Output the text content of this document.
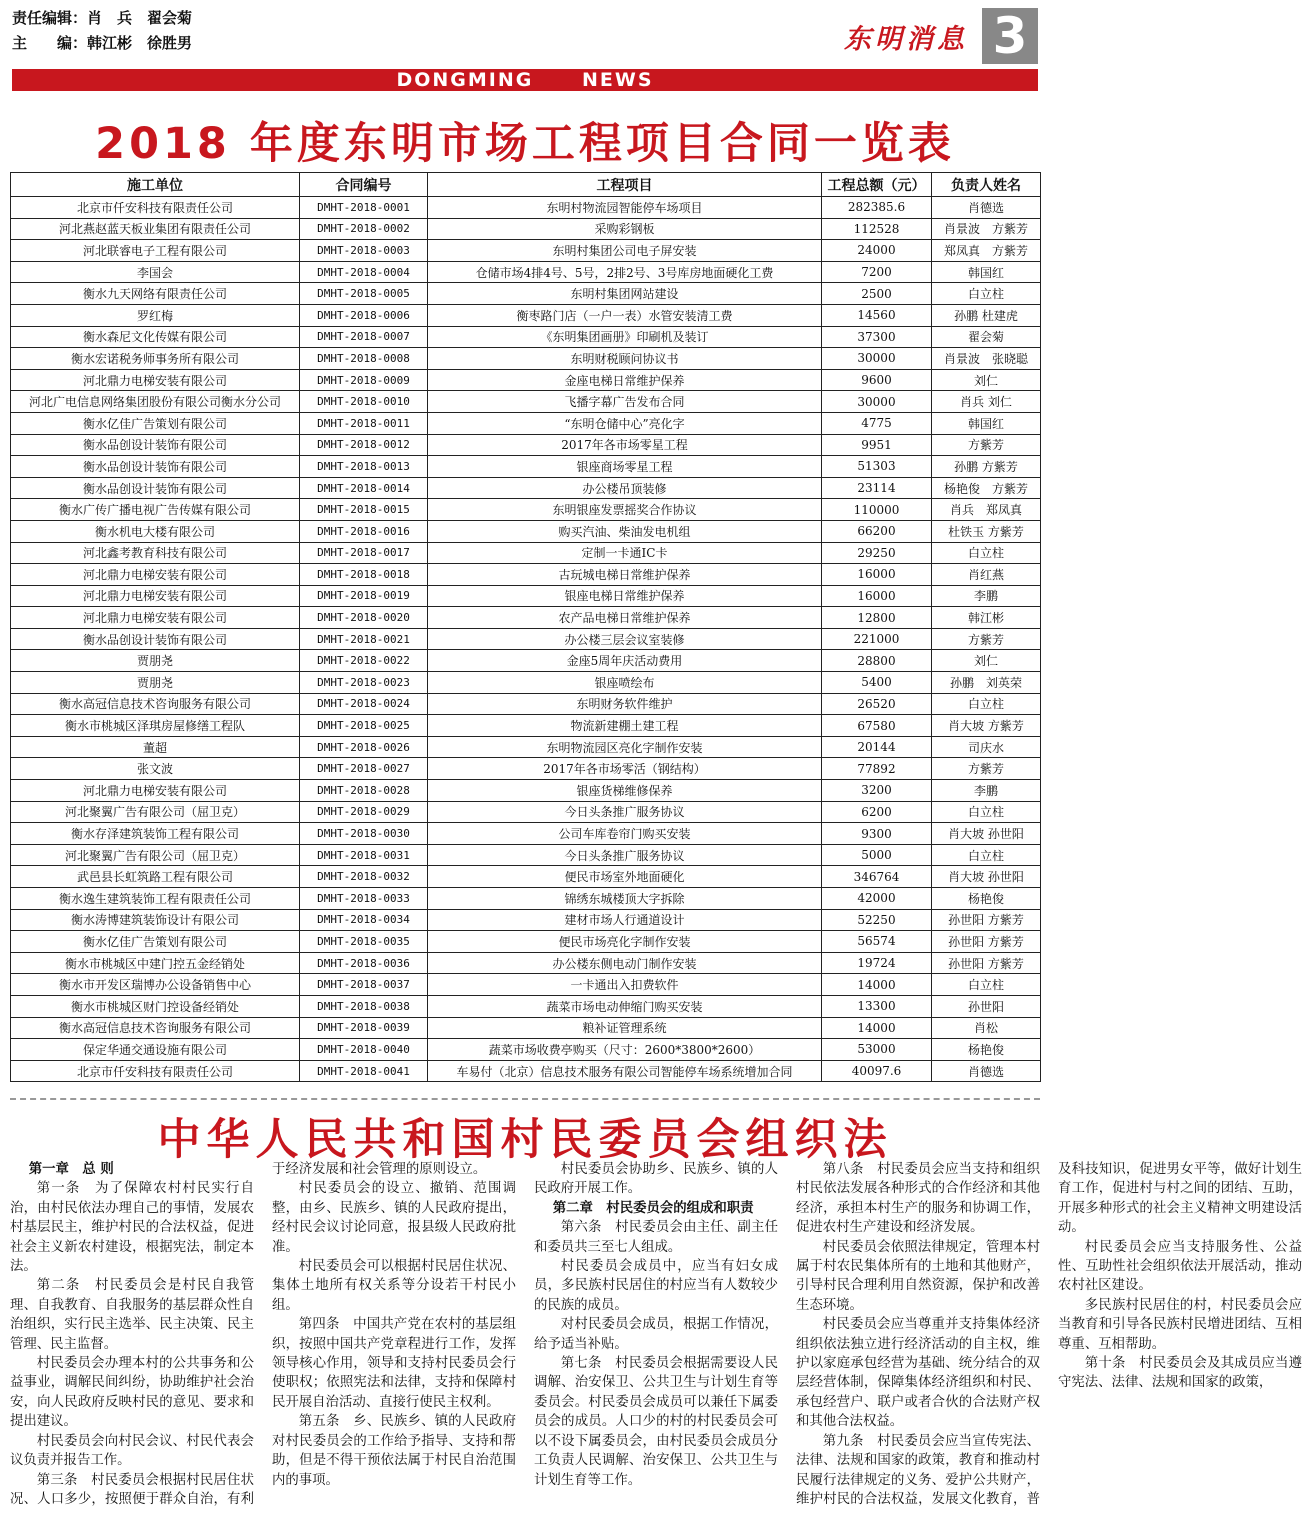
责任编辑：肖　兵　翟会菊
主　　编：韩江彬　徐胜男	东明消息 3
DONGMING NEWS
2018 年度东明市场工程项目合同一览表
施工单位	合同编号	工程项目	工程总额（元）	负责人姓名
北京市仟安科技有限责任公司	DMHT-2018-0001	东明村物流园智能停车场项目	282385.6	肖德选
河北燕赵蓝天板业集团有限责任公司	DMHT-2018-0002	采购彩钢板	112528	肖景波　方紫芳
河北联睿电子工程有限公司	DMHT-2018-0003	东明村集团公司电子屏安装	24000	郑凤真　方紫芳
李国会	DMHT-2018-0004	仓储市场4排4号、5号，2排2号、3号库房地面硬化工费	7200	韩国红
衡水九天网络有限责任公司	DMHT-2018-0005	东明村集团网站建设	2500	白立柱
罗红梅	DMHT-2018-0006	衡枣路门店（一户一表）水管安装清工费	14560	孙鹏 杜建虎
衡水森尼文化传媒有限公司	DMHT-2018-0007	《东明集团画册》印刷机及装订	37300	翟会菊
衡水宏诺税务师事务所有限公司	DMHT-2018-0008	东明财税顾问协议书	30000	肖景波　张晓聪
河北鼎力电梯安装有限公司	DMHT-2018-0009	金座电梯日常维护保养	9600	刘仁
河北广电信息网络集团股份有限公司衡水分公司	DMHT-2018-0010	飞播字幕广告发布合同	30000	肖兵 刘仁
衡水亿佳广告策划有限公司	DMHT-2018-0011	“东明仓储中心”亮化字	4775	韩国红
衡水品创设计装饰有限公司	DMHT-2018-0012	2017年各市场零星工程	9951	方紫芳
衡水品创设计装饰有限公司	DMHT-2018-0013	银座商场零星工程	51303	孙鹏 方紫芳
衡水品创设计装饰有限公司	DMHT-2018-0014	办公楼吊顶装修	23114	杨艳俊　方紫芳
衡水广传广播电视广告传媒有限公司	DMHT-2018-0015	东明银座发票摇奖合作协议	110000	肖兵　郑凤真
衡水机电大楼有限公司	DMHT-2018-0016	购买汽油、柴油发电机组	66200	杜铁玉 方紫芳
河北鑫考教育科技有限公司	DMHT-2018-0017	定制一卡通IC卡	29250	白立柱
河北鼎力电梯安装有限公司	DMHT-2018-0018	古玩城电梯日常维护保养	16000	肖红燕
河北鼎力电梯安装有限公司	DMHT-2018-0019	银座电梯日常维护保养	16000	李鹏
河北鼎力电梯安装有限公司	DMHT-2018-0020	农产品电梯日常维护保养	12800	韩江彬
衡水品创设计装饰有限公司	DMHT-2018-0021	办公楼三层会议室装修	221000	方紫芳
贾朋尧	DMHT-2018-0022	金座5周年庆活动费用	28800	刘仁
贾朋尧	DMHT-2018-0023	银座喷绘布	5400	孙鹏　刘英荣
衡水高冠信息技术咨询服务有限公司	DMHT-2018-0024	东明财务软件维护	26520	白立柱
衡水市桃城区泽琪房屋修缮工程队	DMHT-2018-0025	物流新建棚土建工程	67580	肖大坡 方紫芳
董超	DMHT-2018-0026	东明物流园区亮化字制作安装	20144	司庆水
张文波	DMHT-2018-0027	2017年各市场零活（钢结构）	77892	方紫芳
河北鼎力电梯安装有限公司	DMHT-2018-0028	银座货梯维修保养	3200	李鹏
河北聚翼广告有限公司（屈卫克）	DMHT-2018-0029	今日头条推广服务协议	6200	白立柱
衡水存泽建筑装饰工程有限公司	DMHT-2018-0030	公司车库卷帘门购买安装	9300	肖大坡 孙世阳
河北聚翼广告有限公司（屈卫克）	DMHT-2018-0031	今日头条推广服务协议	5000	白立柱
武邑县长虹筑路工程有限公司	DMHT-2018-0032	便民市场室外地面硬化	346764	肖大坡 孙世阳
衡水逸生建筑装饰工程有限责任公司	DMHT-2018-0033	锦绣东城楼顶大字拆除	42000	杨艳俊
衡水涛博建筑装饰设计有限公司	DMHT-2018-0034	建材市场人行通道设计	52250	孙世阳 方紫芳
衡水亿佳广告策划有限公司	DMHT-2018-0035	便民市场亮化字制作安装	56574	孙世阳 方紫芳
衡水市桃城区中建门控五金经销处	DMHT-2018-0036	办公楼东侧电动门制作安装	19724	孙世阳 方紫芳
衡水市开发区瑞博办公设备销售中心	DMHT-2018-0037	一卡通出入扣费软件	14000	白立柱
衡水市桃城区财门控设备经销处	DMHT-2018-0038	蔬菜市场电动伸缩门购买安装	13300	孙世阳
衡水高冠信息技术咨询服务有限公司	DMHT-2018-0039	粮补证管理系统	14000	肖松
保定华通交通设施有限公司	DMHT-2018-0040	蔬菜市场收费亭购买（尺寸：2600*3800*2600）	53000	杨艳俊
北京市仟安科技有限责任公司	DMHT-2018-0041	车易付（北京）信息技术服务有限公司智能停车场系统增加合同	40097.6	肖德选
中华人民共和国村民委员会组织法

第一章　总 则

第一条　为了保障农村村民实行自治，由村民依法办理自己的事情，发展农村基层民主，维护村民的合法权益，促进社会主义新农村建设，根据宪法，制定本法。

第二条　村民委员会是村民自我管理、自我教育、自我服务的基层群众性自治组织，实行民主选举、民主决策、民主管理、民主监督。

村民委员会办理本村的公共事务和公益事业，调解民间纠纷，协助维护社会治安，向人民政府反映村民的意见、要求和提出建议。

村民委员会向村民会议、村民代表会议负责并报告工作。

第三条　村民委员会根据村民居住状况、人口多少，按照便于群众自治，有利于经济发展和社会管理的原则设立。

村民委员会的设立、撤销、范围调整，由乡、民族乡、镇的人民政府提出，经村民会议讨论同意，报县级人民政府批准。

村民委员会可以根据村民居住状况、集体土地所有权关系等分设若干村民小组。

第四条　中国共产党在农村的基层组织，按照中国共产党章程进行工作，发挥领导核心作用，领导和支持村民委员会行使职权；依照宪法和法律，支持和保障村民开展自治活动、直接行使民主权利。

第五条　乡、民族乡、镇的人民政府对村民委员会的工作给予指导、支持和帮助，但是不得干预依法属于村民自治范围内的事项。

村民委员会协助乡、民族乡、镇的人民政府开展工作。

第二章　村民委员会的组成和职责

第六条　村民委员会由主任、副主任和委员共三至七人组成。

村民委员会成员中，应当有妇女成员，多民族村民居住的村应当有人数较少的民族的成员。

对村民委员会成员，根据工作情况，给予适当补贴。

第七条　村民委员会根据需要设人民调解、治安保卫、公共卫生与计划生育等委员会。村民委员会成员可以兼任下属委员会的成员。人口少的村的村民委员会可以不设下属委员会，由村民委员会成员分工负责人民调解、治安保卫、公共卫生与计划生育等工作。

第八条　村民委员会应当支持和组织村民依法发展各种形式的合作经济和其他经济，承担本村生产的服务和协调工作，促进农村生产建设和经济发展。

村民委员会依照法律规定，管理本村属于村农民集体所有的土地和其他财产，引导村民合理利用自然资源，保护和改善生态环境。

村民委员会应当尊重并支持集体经济组织依法独立进行经济活动的自主权，维护以家庭承包经营为基础、统分结合的双层经营体制，保障集体经济组织和村民、承包经营户、联户或者合伙的合法财产权和其他合法权益。

第九条　村民委员会应当宣传宪法、法律、法规和国家的政策，教育和推动村民履行法律规定的义务、爱护公共财产，维护村民的合法权益，发展文化教育，普及科技知识，促进男女平等，做好计划生育工作，促进村与村之间的团结、互助，开展多种形式的社会主义精神文明建设活动。

村民委员会应当支持服务性、公益性、互助性社会组织依法开展活动，推动农村社区建设。

多民族村民居住的村，村民委员会应当教育和引导各民族村民增进团结、互相尊重、互相帮助。

第十条　村民委员会及其成员应当遵守宪法、法律、法规和国家的政策，
